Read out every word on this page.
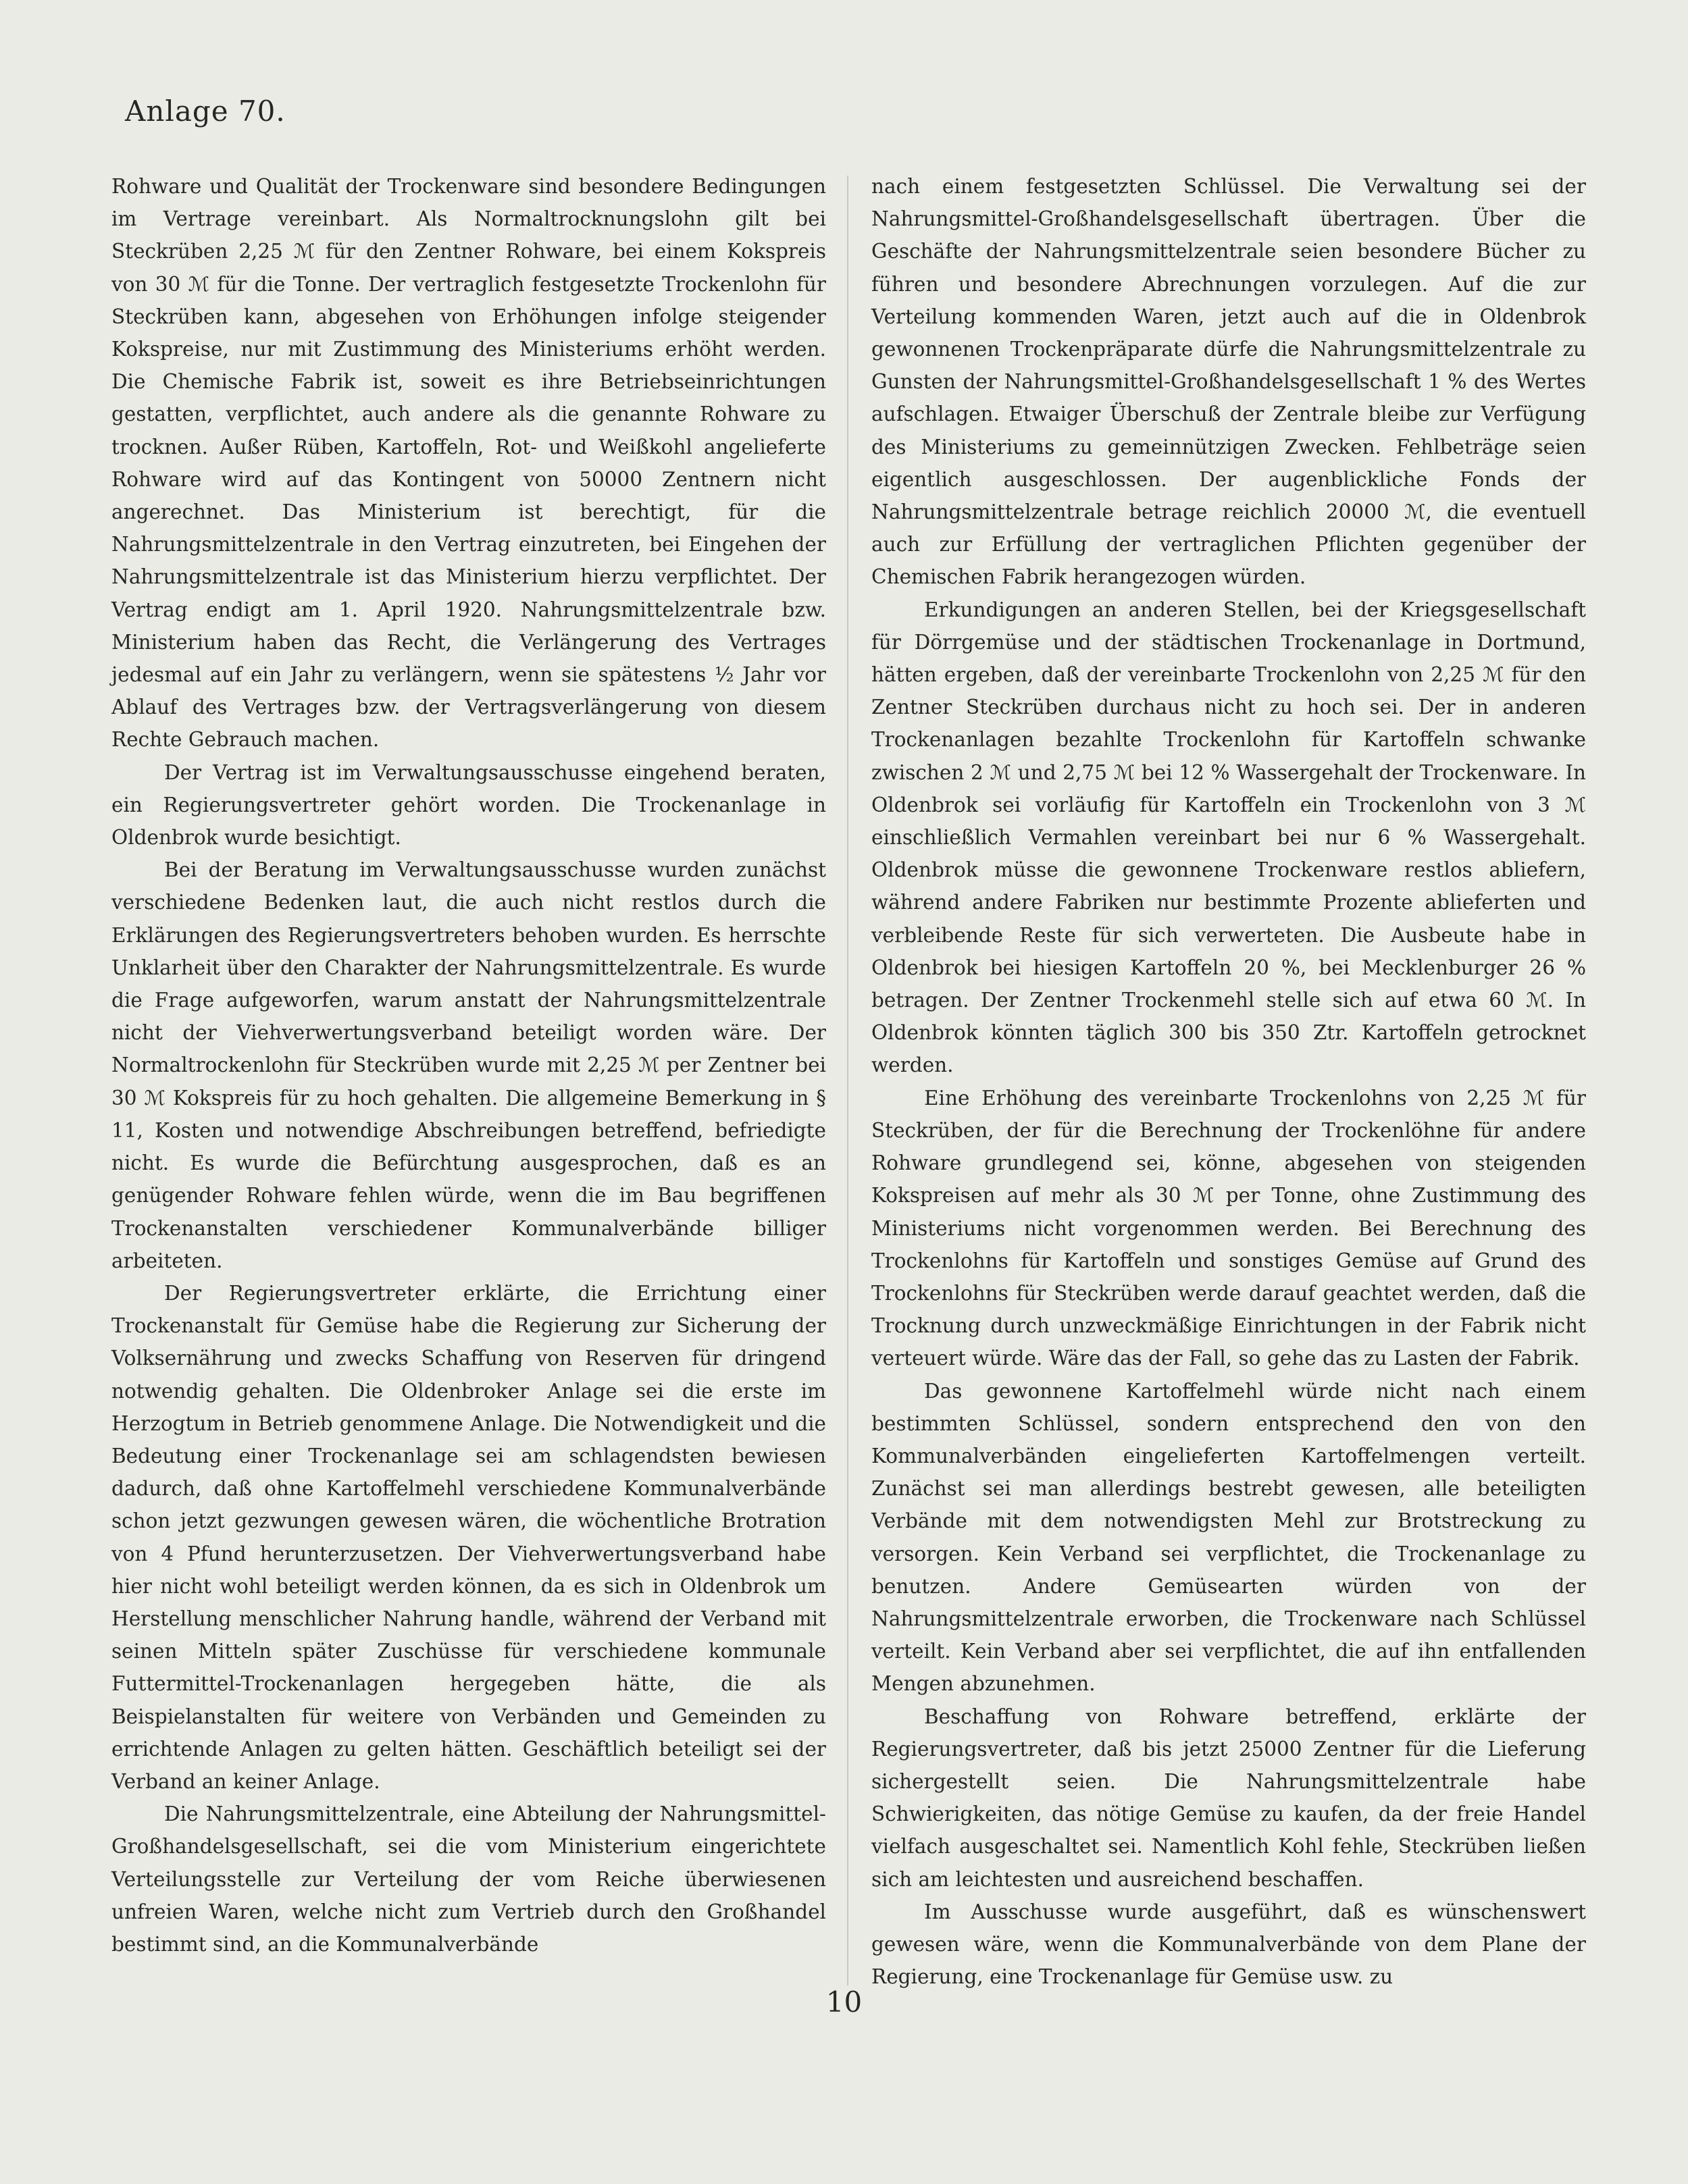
Anlage 70.

Rohware und Qualität der Trockenware sind besondere Bedingungen im Vertrage vereinbart. Als Normaltrocknungslohn gilt bei Steckrüben 2,25 ℳ für den Zentner Rohware, bei einem Kokspreis von 30 ℳ für die Tonne. Der vertraglich festgesetzte Trockenlohn für Steckrüben kann, abgesehen von Erhöhungen infolge steigender Kokspreise, nur mit Zustimmung des Ministeriums erhöht werden. Die Chemische Fabrik ist, soweit es ihre Betriebseinrichtungen gestatten, verpflichtet, auch andere als die genannte Rohware zu trocknen. Außer Rüben, Kartoffeln, Rot- und Weißkohl angelieferte Rohware wird auf das Kontingent von 50000 Zentnern nicht angerechnet. Das Ministerium ist berechtigt, für die Nahrungsmittelzentrale in den Vertrag einzutreten, bei Eingehen der Nahrungsmittelzentrale ist das Ministerium hierzu verpflichtet. Der Vertrag endigt am 1. April 1920. Nahrungsmittelzentrale bzw. Ministerium haben das Recht, die Verlängerung des Vertrages jedesmal auf ein Jahr zu verlängern, wenn sie spätestens ½ Jahr vor Ablauf des Vertrages bzw. der Vertragsverlängerung von diesem Rechte Gebrauch machen.

Der Vertrag ist im Verwaltungsausschusse eingehend beraten, ein Regierungsvertreter gehört worden. Die Trockenanlage in Oldenbrok wurde besichtigt.

Bei der Beratung im Verwaltungsausschusse wurden zunächst verschiedene Bedenken laut, die auch nicht restlos durch die Erklärungen des Regierungsvertreters behoben wurden. Es herrschte Unklarheit über den Charakter der Nahrungsmittelzentrale. Es wurde die Frage aufgeworfen, warum anstatt der Nahrungsmittelzentrale nicht der Viehverwertungsverband beteiligt worden wäre. Der Normaltrockenlohn für Steckrüben wurde mit 2,25 ℳ per Zentner bei 30 ℳ Kokspreis für zu hoch gehalten. Die allgemeine Bemerkung in § 11, Kosten und notwendige Abschreibungen betreffend, befriedigte nicht. Es wurde die Befürchtung ausgesprochen, daß es an genügender Rohware fehlen würde, wenn die im Bau begriffenen Trockenanstalten verschiedener Kommunalverbände billiger arbeiteten.

Der Regierungsvertreter erklärte, die Errichtung einer Trockenanstalt für Gemüse habe die Regierung zur Sicherung der Volksernährung und zwecks Schaffung von Reserven für dringend notwendig gehalten. Die Oldenbroker Anlage sei die erste im Herzogtum in Betrieb genommene Anlage. Die Notwendigkeit und die Bedeutung einer Trockenanlage sei am schlagendsten bewiesen dadurch, daß ohne Kartoffelmehl verschiedene Kommunalverbände schon jetzt gezwungen gewesen wären, die wöchentliche Brotration von 4 Pfund herunterzusetzen. Der Viehverwertungsverband habe hier nicht wohl beteiligt werden können, da es sich in Oldenbrok um Herstellung menschlicher Nahrung handle, während der Verband mit seinen Mitteln später Zuschüsse für verschiedene kommunale Futtermittel-Trockenanlagen hergegeben hätte, die als Beispielanstalten für weitere von Verbänden und Gemeinden zu errichtende Anlagen zu gelten hätten. Geschäftlich beteiligt sei der Verband an keiner Anlage.

Die Nahrungsmittelzentrale, eine Abteilung der Nahrungsmittel-Großhandelsgesellschaft, sei die vom Ministerium eingerichtete Verteilungsstelle zur Verteilung der vom Reiche überwiesenen unfreien Waren, welche nicht zum Vertrieb durch den Großhandel bestimmt sind, an die Kommunalverbände

nach einem festgesetzten Schlüssel. Die Verwaltung sei der Nahrungsmittel-Großhandelsgesellschaft übertragen. Über die Geschäfte der Nahrungsmittelzentrale seien besondere Bücher zu führen und besondere Abrechnungen vorzulegen. Auf die zur Verteilung kommenden Waren, jetzt auch auf die in Oldenbrok gewonnenen Trockenpräparate dürfe die Nahrungsmittelzentrale zu Gunsten der Nahrungsmittel-Großhandelsgesellschaft 1 % des Wertes aufschlagen. Etwaiger Überschuß der Zentrale bleibe zur Verfügung des Ministeriums zu gemeinnützigen Zwecken. Fehlbeträge seien eigentlich ausgeschlossen. Der augenblickliche Fonds der Nahrungsmittelzentrale betrage reichlich 20000 ℳ, die eventuell auch zur Erfüllung der vertraglichen Pflichten gegenüber der Chemischen Fabrik herangezogen würden.

Erkundigungen an anderen Stellen, bei der Kriegsgesellschaft für Dörrgemüse und der städtischen Trockenanlage in Dortmund, hätten ergeben, daß der vereinbarte Trockenlohn von 2,25 ℳ für den Zentner Steckrüben durchaus nicht zu hoch sei. Der in anderen Trockenanlagen bezahlte Trockenlohn für Kartoffeln schwanke zwischen 2 ℳ und 2,75 ℳ bei 12 % Wassergehalt der Trockenware. In Oldenbrok sei vorläufig für Kartoffeln ein Trockenlohn von 3 ℳ einschließlich Vermahlen vereinbart bei nur 6 % Wassergehalt. Oldenbrok müsse die gewonnene Trockenware restlos abliefern, während andere Fabriken nur bestimmte Prozente ablieferten und verbleibende Reste für sich verwerteten. Die Ausbeute habe in Oldenbrok bei hiesigen Kartoffeln 20 %, bei Mecklenburger 26 % betragen. Der Zentner Trockenmehl stelle sich auf etwa 60 ℳ. In Oldenbrok könnten täglich 300 bis 350 Ztr. Kartoffeln getrocknet werden.

Eine Erhöhung des vereinbarte Trockenlohns von 2,25 ℳ für Steckrüben, der für die Berechnung der Trockenlöhne für andere Rohware grundlegend sei, könne, abgesehen von steigenden Kokspreisen auf mehr als 30 ℳ per Tonne, ohne Zustimmung des Ministeriums nicht vorgenommen werden. Bei Berechnung des Trockenlohns für Kartoffeln und sonstiges Gemüse auf Grund des Trockenlohns für Steckrüben werde darauf geachtet werden, daß die Trocknung durch unzweckmäßige Einrichtungen in der Fabrik nicht verteuert würde. Wäre das der Fall, so gehe das zu Lasten der Fabrik.

Das gewonnene Kartoffelmehl würde nicht nach einem bestimmten Schlüssel, sondern entsprechend den von den Kommunalverbänden eingelieferten Kartoffelmengen verteilt. Zunächst sei man allerdings bestrebt gewesen, alle beteiligten Verbände mit dem notwendigsten Mehl zur Brotstreckung zu versorgen. Kein Verband sei verpflichtet, die Trockenanlage zu benutzen. Andere Gemüsearten würden von der Nahrungsmittelzentrale erworben, die Trockenware nach Schlüssel verteilt. Kein Verband aber sei verpflichtet, die auf ihn entfallenden Mengen abzunehmen.

Beschaffung von Rohware betreffend, erklärte der Regierungsvertreter, daß bis jetzt 25000 Zentner für die Lieferung sichergestellt seien. Die Nahrungsmittelzentrale habe Schwierigkeiten, das nötige Gemüse zu kaufen, da der freie Handel vielfach ausgeschaltet sei. Namentlich Kohl fehle, Steckrüben ließen sich am leichtesten und ausreichend beschaffen.

Im Ausschusse wurde ausgeführt, daß es wünschenswert gewesen wäre, wenn die Kommunalverbände von dem Plane der Regierung, eine Trockenanlage für Gemüse usw. zu

10
